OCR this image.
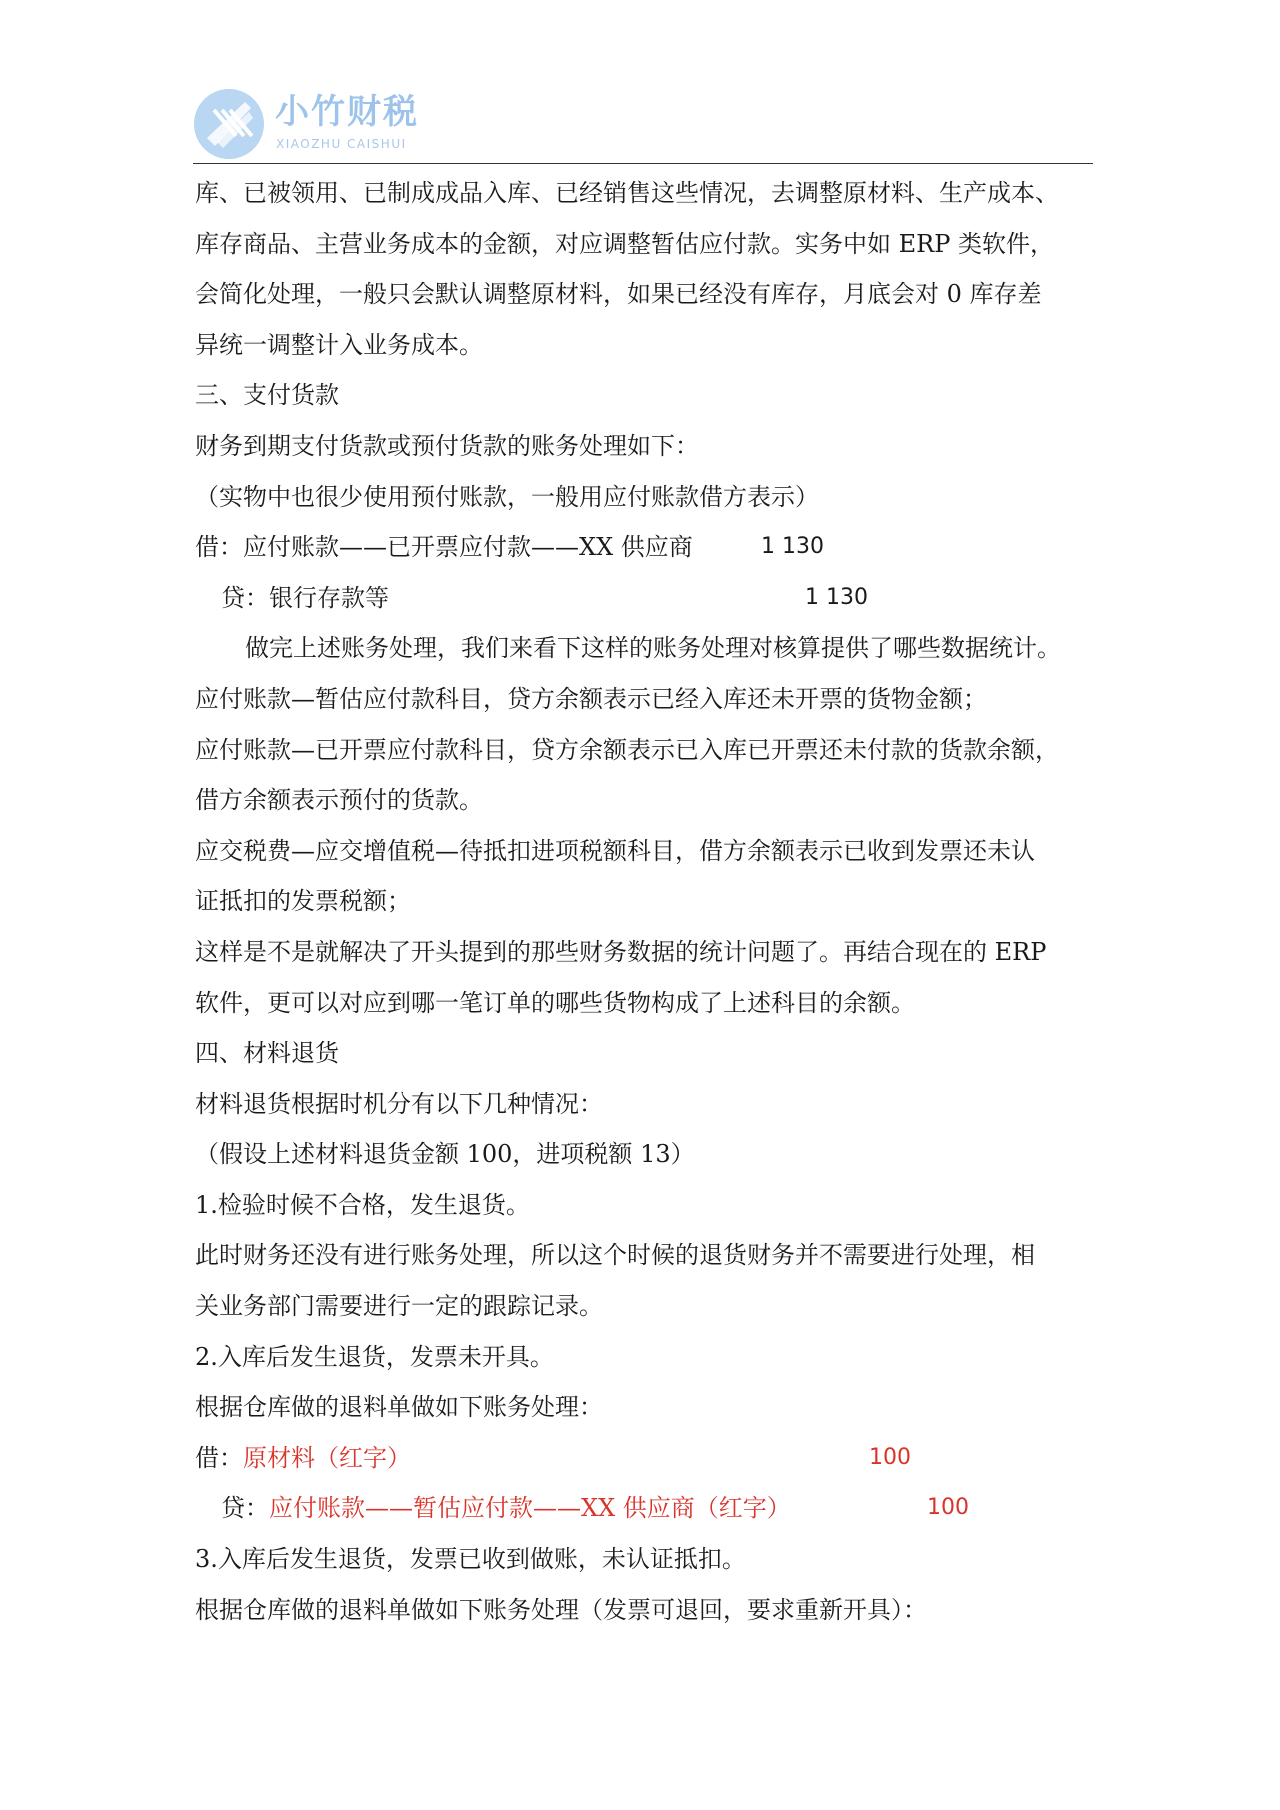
小竹财税
XIAOZHU CAISHUI
库、已被领用、已制成成品入库、已经销售这些情况，去调整原材料、生产成本、
库存商品、主营业务成本的金额，对应调整暂估应付款。实务中如 ERP 类软件，
会简化处理，一般只会默认调整原材料，如果已经没有库存，月底会对 0 库存差
异统一调整计入业务成本。
三、支付货款
财务到期支付货款或预付货款的账务处理如下：
（实物中也很少使用预付账款，一般用应付账款借方表示）
借：应付账款——已开票应付款——XX 供应商	1 130
贷：银行存款等	1 130
做完上述账务处理，我们来看下这样的账务处理对核算提供了哪些数据统计。
应付账款—暂估应付款科目，贷方余额表示已经入库还未开票的货物金额；
应付账款—已开票应付款科目，贷方余额表示已入库已开票还未付款的货款余额，
借方余额表示预付的货款。
应交税费—应交增值税—待抵扣进项税额科目，借方余额表示已收到发票还未认
证抵扣的发票税额；
这样是不是就解决了开头提到的那些财务数据的统计问题了。再结合现在的 ERP
软件，更可以对应到哪一笔订单的哪些货物构成了上述科目的余额。
四、材料退货
材料退货根据时机分有以下几种情况：
（假设上述材料退货金额 100，进项税额 13）
1.检验时候不合格，发生退货。
此时财务还没有进行账务处理，所以这个时候的退货财务并不需要进行处理，相
关业务部门需要进行一定的跟踪记录。
2.入库后发生退货，发票未开具。
根据仓库做的退料单做如下账务处理：
借：原材料（红字）	100
贷：应付账款——暂估应付款——XX 供应商（红字）	100
3.入库后发生退货，发票已收到做账，未认证抵扣。
根据仓库做的退料单做如下账务处理（发票可退回，要求重新开具）：
